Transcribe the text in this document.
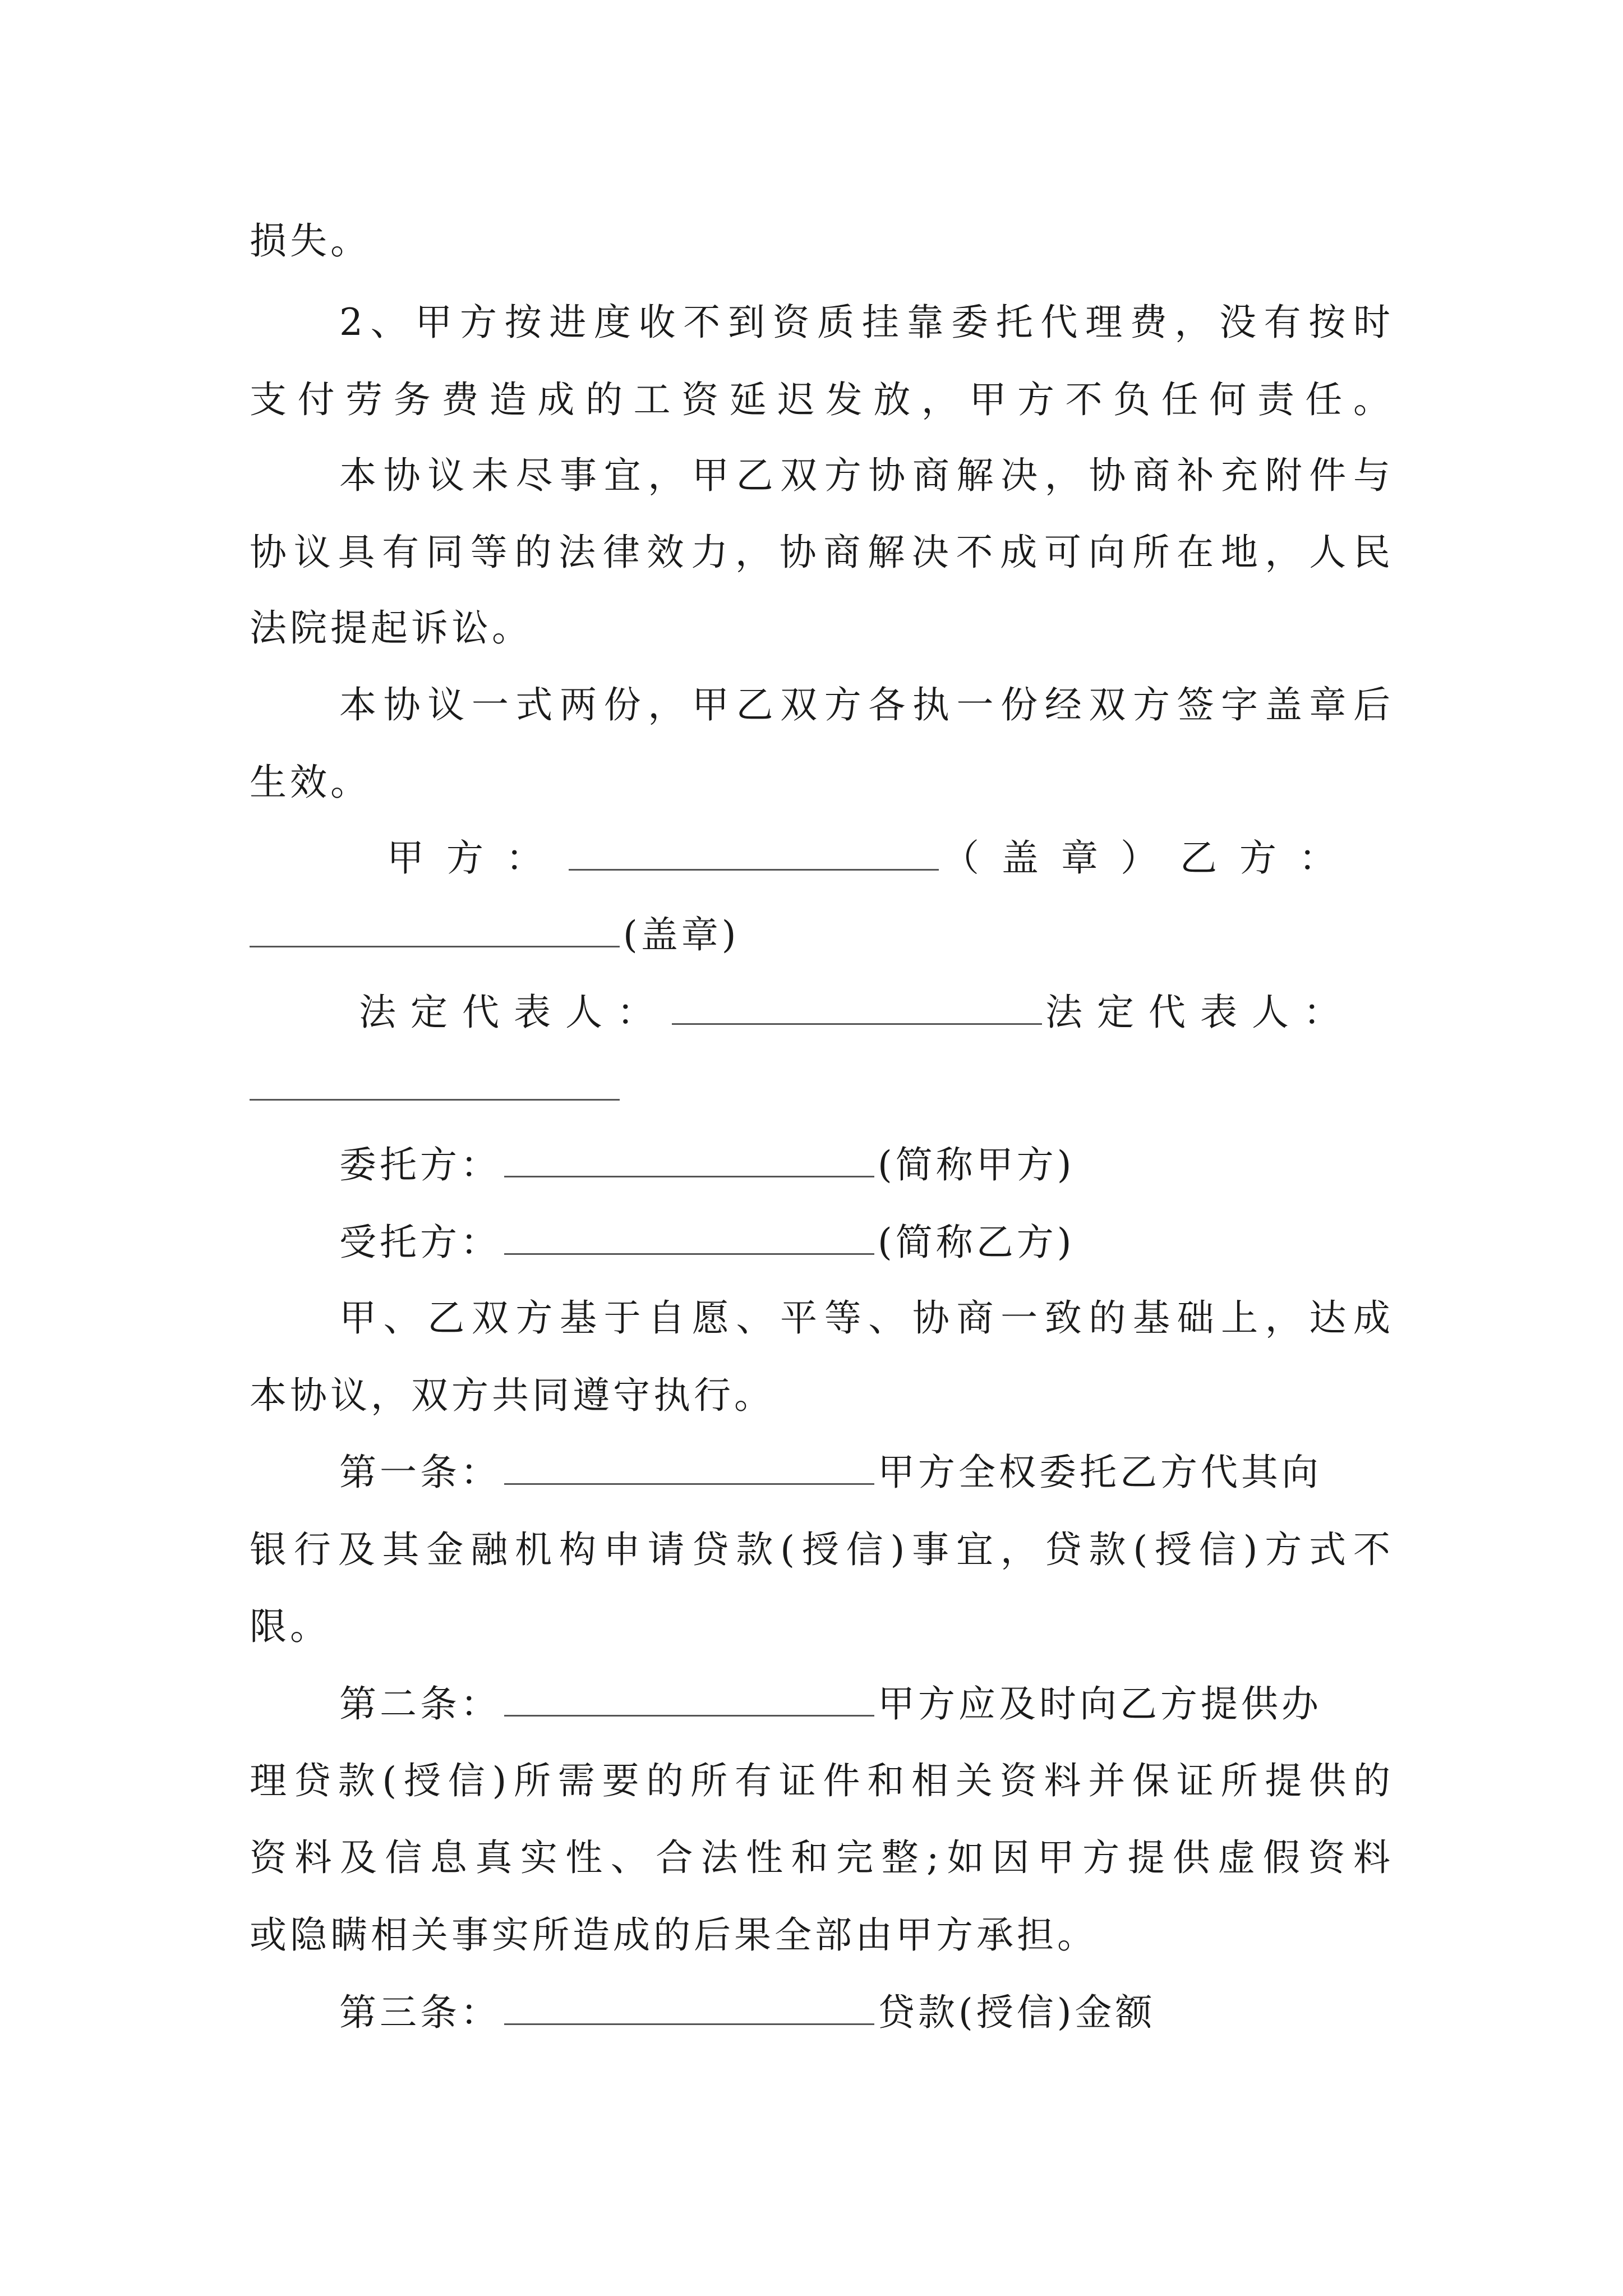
损失。
2、甲方按进度收不到资质挂靠委托代理费，没有按时
支付劳务费造成的工资延迟发放，甲方不负任何责任。
本协议未尽事宜，甲乙双方协商解决，协商补充附件与
协议具有同等的法律效力，协商解决不成可向所在地，人民
法院提起诉讼。
本协议一式两份，甲乙双方各执一份经双方签字盖章后
生效。
甲方：	（盖章）乙方：
(盖章)
法定代表人：	法定代表人：
委托方：	(简称甲方)
受托方：	(简称乙方)
甲、乙双方基于自愿、平等、协商一致的基础上，达成
本协议，双方共同遵守执行。
第一条：	甲方全权委托乙方代其向
银行及其金融机构申请贷款(授信)事宜，贷款(授信)方式不
限。
第二条：	甲方应及时向乙方提供办
理贷款(授信)所需要的所有证件和相关资料并保证所提供的
资料及信息真实性、合法性和完整;如因甲方提供虚假资料
或隐瞒相关事实所造成的后果全部由甲方承担。
第三条：	贷款(授信)金额
